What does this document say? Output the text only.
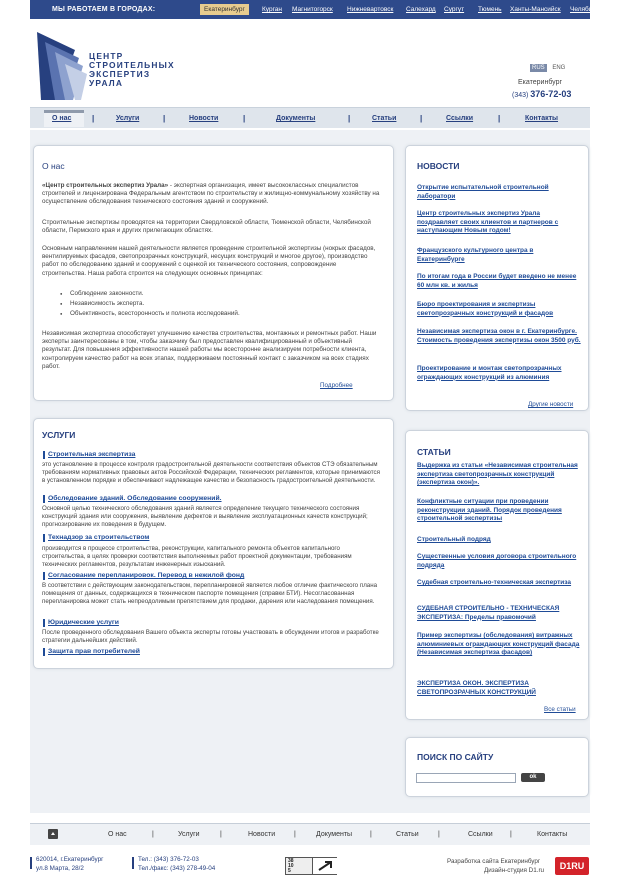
МЫ РАБОТАЕМ В ГОРОДАХ:	Екатеринбург	Курган Магнитогорск Нижневартовск Салехард Сургут Тюмень Ханты-Мансийск Челябинск
ЦЕНТР
СТРОИТЕЛЬНЫХ
ЭКСПЕРТИЗ
УРАЛА
RUS ENG
Екатеринбург
(343) 376-72-03
О нас	|	Услуги	|	Новости	|	Документы	|	Статьи	|	Ссылки	|	Контакты
О нас
«Центр строительных экспертиз Урала» - экспертная организация, имеет высококлассных специалистов строителей и лицензирована Федеральным агентством по строительству и жилищно-коммунальному хозяйству на осуществление обследования технического состояния зданий и сооружений.
Строительные экспертизы проводятся на территории Свердловской области, Тюменской области, Челябинской области, Пермского края и других прилегающих областях.
Основным направлением нашей деятельности является проведение строительной экспертизы (нокрых фасадов, вентилируемых фасадов, светопрозрачных конструкций, несущих конструкций и многое другое), производство работ по обследованию зданий и сооружений с оценкой их технического состояния, сопровождение строительства. Наша работа строится на следующих основных принципах:
● Соблюдение законности.
● Независимость эксперта.
● Объективность, всесторонность и полнота исследований.
Независимая экспертиза способствует улучшению качества строительства, монтажных и ремонтных работ. Наши эксперты заинтересованы в том, чтобы заказчику был предоставлен квалифицированный и объективный результат. Для повышения эффективности нашей работы мы всесторонне анализируем потребности клиента, контролируем качество работ на всех этапах, поддерживаем постоянный контакт с заказчиком на всех стадиях работ.
Подробнее
НОВОСТИ
Открытие испытательной строительной лаборатори
Центр строительных экспертиз Урала поздравляет своих клиентов и партнеров с наступающим Новым годом!
Французского культурного центра в Екатеринбурге
По итогам года в России будет введено не менее 60 млн кв. и жилья
Бюро проектирования и экспертизы светопрозрачных конструкций и фасадов
Независимая экспертиза окон в г. Екатеринбурге. Стоимость проведения экспертизы окон 3500 руб.
Проектирование и монтаж светопрозрачных ограждающих конструкций из алюминия
Другие новости
УСЛУГИ
Строительная экспертиза
это установление в процессе контроля градостроительной деятельности соответствия объектов СТЭ обязательным требованиям нормативных правовых актов Российской Федерации, технических регламентов, которые принимаются в установленном порядке и обеспечивают надлежащее качество и безопасность градостроительной деятельности.
Обследование зданий. Обследование сооружений.
Основной целью технического обследования зданий является определение текущего технического состояния конструкций здания или сооружения, выявление дефектов и выявление эксплуатационных качеств конструкций; прогнозирование их поведения в будущем.
Технадзор за строительством
производится в процессе строительства, реконструкции, капитального ремонта объектов капитального строительства, в целях проверки соответствия выполняемых работ проектной документации, требованиям технических регламентов, результатам инженерных изысканий.
Согласование перепланировок. Перевод в нежилой фонд
В соответствии с действующим законодательством, перепланировкой является любое отличие фактического плана помещения от данных, содержащихся в техническом паспорте помещения (справки БТИ). Несогласованная перепланировка может стать непреодолимым препятствием для продажи, дарения или наследования помещения.
Юридические услуги
После проведенного обследования Вашего объекта эксперты готовы участвовать в обсуждении итогов и разработке стратегии дальнейших действий.
Защита прав потребителей
СТАТЬИ
Выдержка из статьи «Независимая строительная экспертиза светопрозрачных конструкций (экспертиза окон)».
Конфликтные ситуации при проведении реконструкции зданий. Порядок проведения строительной экспертизы
Строительный подряд
Существенные условия договора строительного подряда
Судебная строительно-техническая экспертиза
СУДЕБНАЯ СТРОИТЕЛЬНО - ТЕХНИЧЕСКАЯ ЭКСПЕРТИЗА: Пределы правомочий
Пример экспертизы (обследования) витражных алюминиевых ограждающих конструкций фасада (Независимая экспертиза фасадов)
ЭКСПЕРТИЗА ОКОН. ЭКСПЕРТИЗА СВЕТОПРОЗРАЧНЫХ КОНСТРУКЦИЙ
Все статьи
ПОИСК ПО САЙТУ
ok
О нас	|	Услуги	|	Новости	|	Документы	|	Статьи	|	Ссылки |	Контакты
620014, г.Екатеринбург
ул.8 Марта, 28/2
Тел.: (343) 376-72-03
Тел./факс: (343) 278-49-04
38
10
5
Разработка сайта Екатеринбург
Дизайн-студия D1.ru	D1RU
